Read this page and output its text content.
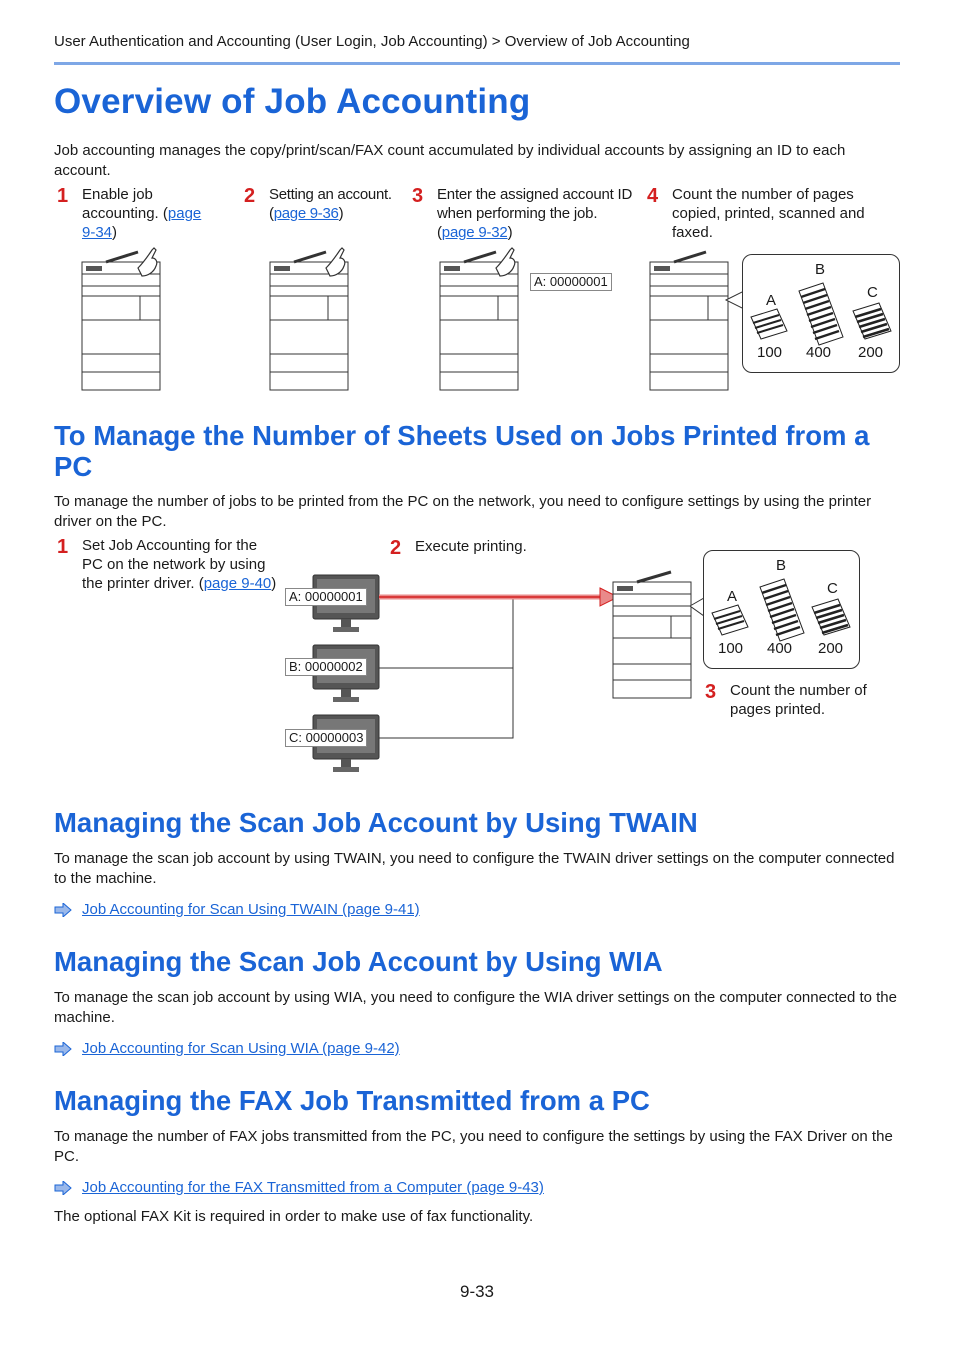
User Authentication and Accounting (User Login, Job Accounting) > Overview of Job Accounting
Overview of Job Accounting

Job accounting manages the copy/print/scan/FAX count accumulated by individual accounts by assigning an ID to each account.

1 Enable job accounting. (page 9-34)
2 Setting an account. (page 9-36)
3 Enter the assigned account ID when performing the job. (page 9-32)
4 Count the number of pages copied, printed, scanned and faxed.
A: 00000001
A
B
C
100 400 200
To Manage the Number of Sheets Used on Jobs Printed from a PC

To manage the number of jobs to be printed from the PC on the network, you need to configure settings by using the printer driver on the PC.

1 Set Job Accounting for the PC on the network by using the printer driver. (page 9-40)
2 Execute printing.
A: 00000001
B: 00000002
C: 00000003
A
B
C
100 400 200
3 Count the number of pages printed.
Managing the Scan Job Account by Using TWAIN

To manage the scan job account by using TWAIN, you need to configure the TWAIN driver settings on the computer connected to the machine.

Job Accounting for Scan Using TWAIN (page 9-41)
Managing the Scan Job Account by Using WIA

To manage the scan job account by using WIA, you need to configure the WIA driver settings on the computer connected to the machine.

Job Accounting for Scan Using WIA (page 9-42)
Managing the FAX Job Transmitted from a PC

To manage the number of FAX jobs transmitted from the PC, you need to configure the settings by using the FAX Driver on the PC.

Job Accounting for the FAX Transmitted from a Computer (page 9-43)

The optional FAX Kit is required in order to make use of fax functionality.

9-33
